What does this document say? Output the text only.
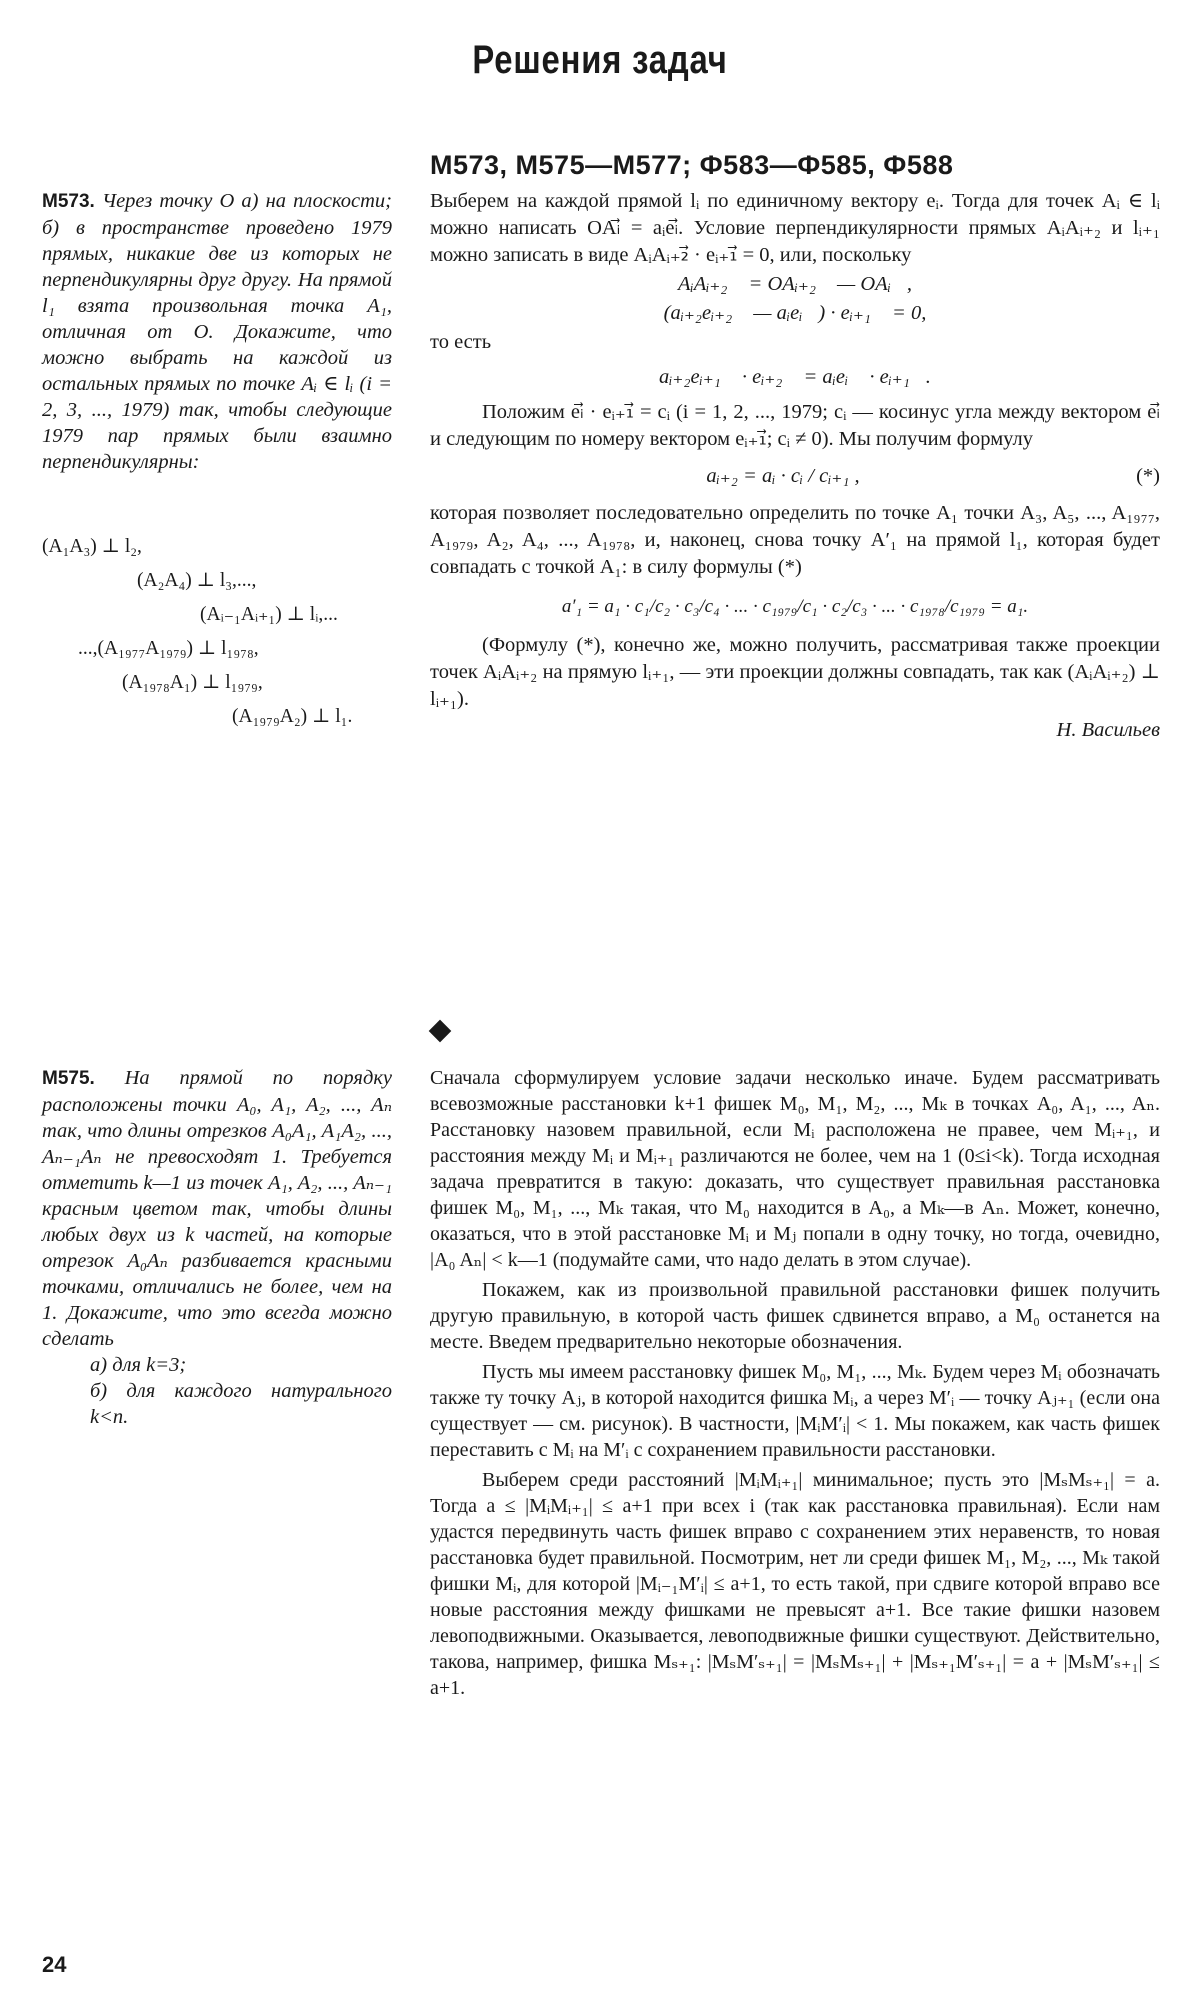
Решения задач
М573, М575—М577; Ф583—Ф585, Ф588
М573. Через точку O а) на плоскости; б) в пространстве проведено 1979 прямых, никакие две из которых не перпендикулярны друг другу. На прямой l₁ взята произвольная точка A₁, отличная от O. Докажите, что можно выбрать на каждой из остальных прямых по точке Aᵢ ∈ lᵢ (i = 2, 3, ..., 1979) так, чтобы следующие 1979 пар прямых были взаимно перпендикулярны:
(A₁A₃) ⊥ l₂,
(A₂A₄) ⊥ l₃,...,
(Aᵢ₋₁Aᵢ₊₁) ⊥ lᵢ,...
...,(A₁₉₇₇A₁₉₇₉) ⊥ l₁₉₇₈,
(A₁₉₇₈A₁) ⊥ l₁₉₇₉,
(A₁₉₇₉A₂) ⊥ l₁.

Выберем на каждой прямой lᵢ по единичному вектору eᵢ. Тогда для точек Aᵢ ∈ lᵢ можно написать OAᵢ⃗ = aᵢeᵢ⃗. Условие перпендикулярности прямых AᵢAᵢ₊₂ и lᵢ₊₁ можно записать в виде AᵢAᵢ₊₂⃗ · eᵢ₊₁⃗ = 0, или, поскольку

AᵢAᵢ₊₂⃗ = OAᵢ₊₂⃗ — OAᵢ⃗,
(aᵢ₊₂eᵢ₊₂⃗ — aᵢeᵢ⃗) · eᵢ₊₁⃗ = 0,

то есть

aᵢ₊₂eᵢ₊₁⃗ · eᵢ₊₂⃗ = aᵢeᵢ⃗ · eᵢ₊₁⃗.

Положим eᵢ⃗ · eᵢ₊₁⃗ = cᵢ (i = 1, 2, ..., 1979; cᵢ — косинус угла между вектором eᵢ⃗ и следующим по номеру вектором eᵢ₊₁⃗; cᵢ ≠ 0). Мы получим формулу

(*)
aᵢ₊₂ = aᵢ · cᵢ / cᵢ₊₁ ,

которая позволяет последовательно определить по точке A₁ точки A₃, A₅, ..., A₁₉₇₇, A₁₉₇₉, A₂, A₄, ..., A₁₉₇₈, и, наконец, снова точку A′₁ на прямой l₁, которая будет совпадать с точкой A₁: в силу формулы (*)

a′₁ = a₁ · c₁/c₂ · c₃/c₄ · ... · c₁₉₇₉/c₁ · c₂/c₃ · ... · c₁₉₇₈/c₁₉₇₉ = a₁.

(Формулу (*), конечно же, можно получить, рассматривая также проекции точек AᵢAᵢ₊₂ на прямую lᵢ₊₁, — эти проекции должны совпадать, так как (AᵢAᵢ₊₂) ⊥ lᵢ₊₁).

Н. Васильев
М575. На прямой по порядку расположены точки A₀, A₁, A₂, ..., Aₙ так, что длины отрезков A₀A₁, A₁A₂, ..., Aₙ₋₁Aₙ не превосходят 1. Требуется отметить k—1 из точек A₁, A₂, ..., Aₙ₋₁ красным цветом так, чтобы длины любых двух из k частей, на которые отрезок A₀Aₙ разбивается красными точками, отличались не более, чем на 1. Докажите, что это всегда можно сделать
а) для k=3;
б) для каждого натурального k<n.

Сначала сформулируем условие задачи несколько иначе. Будем рассматривать всевозможные расстановки k+1 фишек M₀, M₁, M₂, ..., Mₖ в точках A₀, A₁, ..., Aₙ. Расстановку назовем правильной, если Mᵢ расположена не правее, чем Mᵢ₊₁, и расстояния между Mᵢ и Mᵢ₊₁ различаются не более, чем на 1 (0≤i<k). Тогда исходная задача превратится в такую: доказать, что существует правильная расстановка фишек M₀, M₁, ..., Mₖ такая, что M₀ находится в A₀, а Mₖ—в Aₙ. Может, конечно, оказаться, что в этой расстановке Mᵢ и Mⱼ попали в одну точку, но тогда, очевидно, |A₀ Aₙ| < k—1 (подумайте сами, что надо делать в этом случае).

Покажем, как из произвольной правильной расстановки фишек получить другую правильную, в которой часть фишек сдвинется вправо, а M₀ останется на месте. Введем предварительно некоторые обозначения.

Пусть мы имеем расстановку фишек M₀, M₁, ..., Mₖ. Будем через Mᵢ обозначать также ту точку Aⱼ, в которой находится фишка Mᵢ, а через M′ᵢ — точку Aⱼ₊₁ (если она существует — см. рисунок). В частности, |MᵢM′ᵢ| < 1. Мы покажем, как часть фишек переставить с Mᵢ на M′ᵢ с сохранением правильности расстановки.

Выберем среди расстояний |MᵢMᵢ₊₁| минимальное; пусть это |MₛMₛ₊₁| = a. Тогда a ≤ |MᵢMᵢ₊₁| ≤ a+1 при всех i (так как расстановка правильная). Если нам удастся передвинуть часть фишек вправо с сохранением этих неравенств, то новая расстановка будет правильной. Посмотрим, нет ли среди фишек M₁, M₂, ..., Mₖ такой фишки Mᵢ, для которой |Mᵢ₋₁M′ᵢ| ≤ a+1, то есть такой, при сдвиге которой вправо все новые расстояния между фишками не превысят a+1. Все такие фишки назовем левоподвижными. Оказывается, левоподвижные фишки существуют. Действительно, такова, например, фишка Mₛ₊₁: |MₛM′ₛ₊₁| = |MₛMₛ₊₁| + |Mₛ₊₁M′ₛ₊₁| = a + |MₛM′ₛ₊₁| ≤ a+1.

24
